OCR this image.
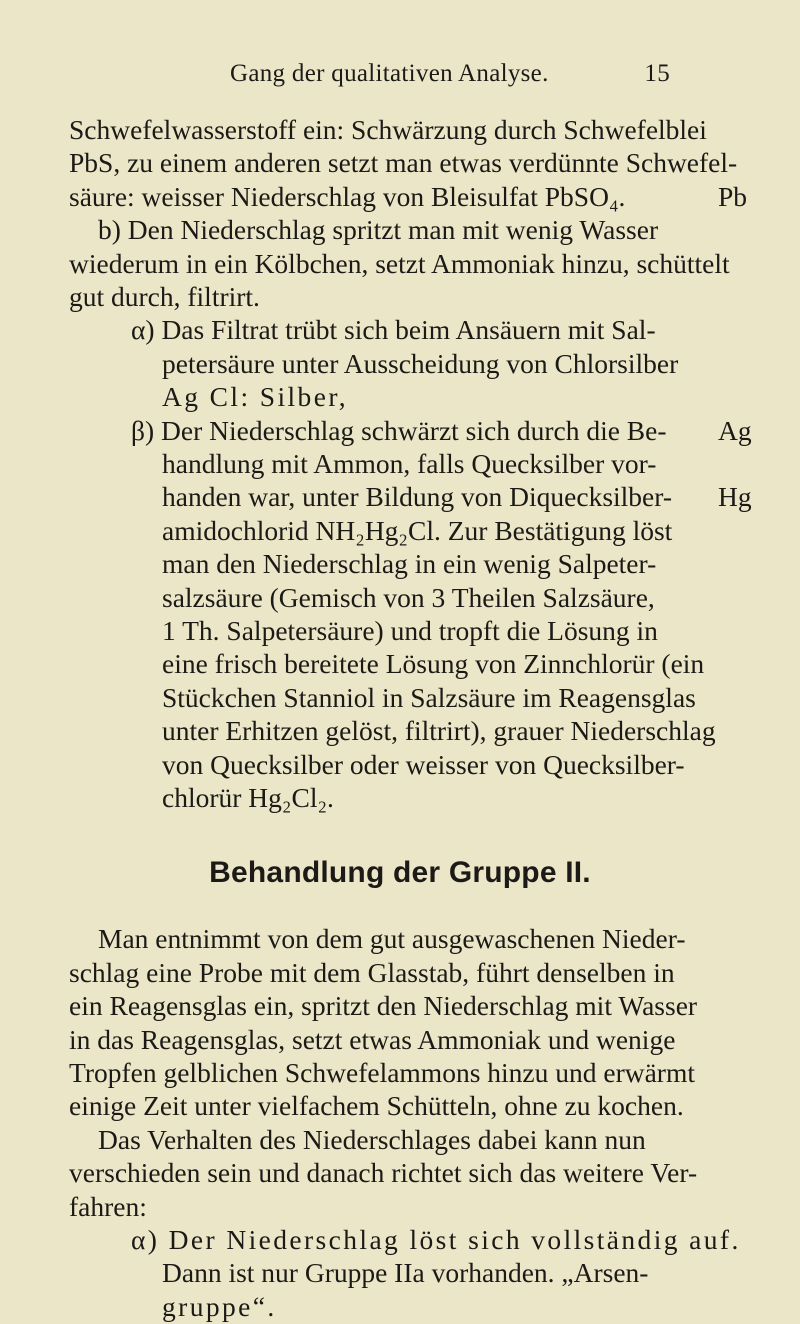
Gang der qualitativen Analyse.	15
Schwefelwasserstoff ein: Schwärzung durch Schwefelblei
PbS, zu einem anderen setzt man etwas verdünnte Schwefel-
säure: weisser Niederschlag von Bleisulfat PbSO₄.
b) Den Niederschlag spritzt man mit wenig Wasser
wiederum in ein Kölbchen, setzt Ammoniak hinzu, schüttelt
gut durch, filtrirt.
α) Das Filtrat trübt sich beim Ansäuern mit Sal-
petersäure unter Ausscheidung von Chlorsilber
Ag Cl: Silber,
β) Der Niederschlag schwärzt sich durch die Be-
handlung mit Ammon, falls Quecksilber vor-
handen war, unter Bildung von Diquecksilber-
amidochlorid NH₂Hg₂Cl. Zur Bestätigung löst
man den Niederschlag in ein wenig Salpeter-
salzsäure (Gemisch von 3 Theilen Salzsäure,
1 Th. Salpetersäure) und tropft die Lösung in
eine frisch bereitete Lösung von Zinnchlorür (ein
Stückchen Stanniol in Salzsäure im Reagensglas
unter Erhitzen gelöst, filtrirt), grauer Niederschlag
Pb
Ag
Hg
von Quecksilber oder weisser von Quecksilber-
chlorür Hg₂Cl₂.
Behandlung der Gruppe II.
Man entnimmt von dem gut ausgewaschenen Nieder-
schlag eine Probe mit dem Glasstab, führt denselben in
ein Reagensglas ein, spritzt den Niederschlag mit Wasser
in das Reagensglas, setzt etwas Ammoniak und wenige
Tropfen gelblichen Schwefelammons hinzu und erwärmt
einige Zeit unter vielfachem Schütteln, ohne zu kochen.
Das Verhalten des Niederschlages dabei kann nun
verschieden sein und danach richtet sich das weitere Ver-
fahren:
α) Der Niederschlag löst sich vollständig auf.
Dann ist nur Gruppe IIa vorhanden. „Arsen-
gruppe“.
